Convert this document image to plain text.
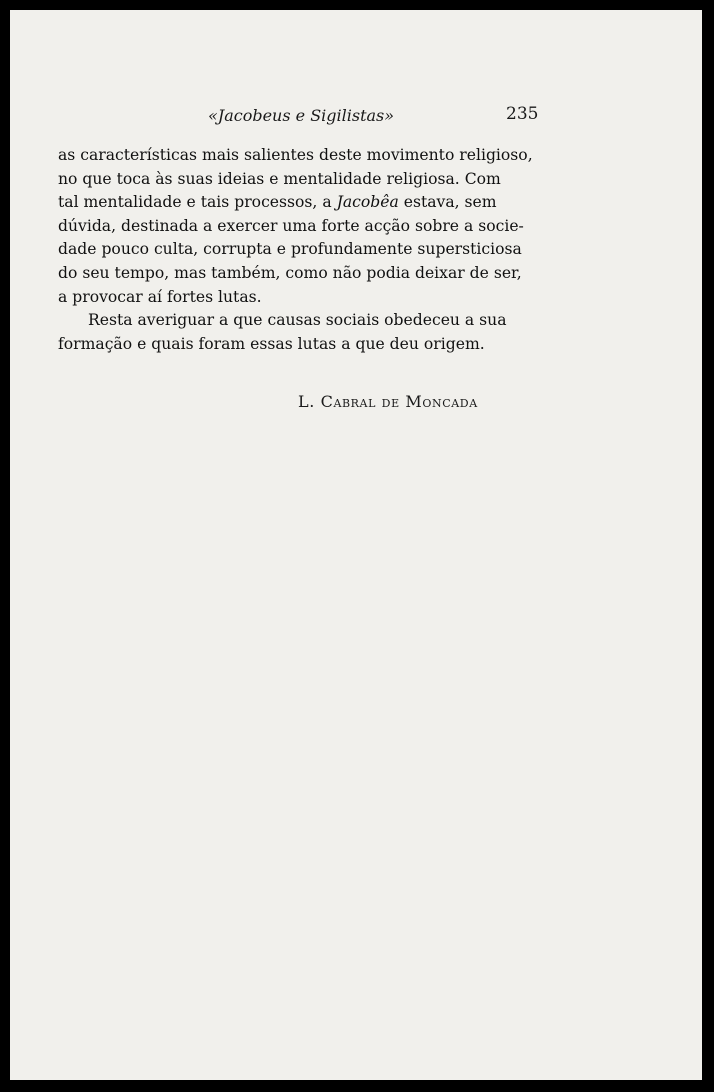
«Jacobeus e Sigilistas»	235
as características mais salientes deste movimento religioso,
no que toca às suas ideias e mentalidade religiosa. Com
tal mentalidade e tais processos, a Jacobêa estava, sem
dúvida, destinada a exercer uma forte acção sobre a socie-
dade pouco culta, corrupta e profundamente supersticiosa
do seu tempo, mas também, como não podia deixar de ser,
a provocar aí fortes lutas.
Resta averiguar a que causas sociais obedeceu a sua
formação e quais foram essas lutas a que deu origem.
L. Cabral de Moncada
